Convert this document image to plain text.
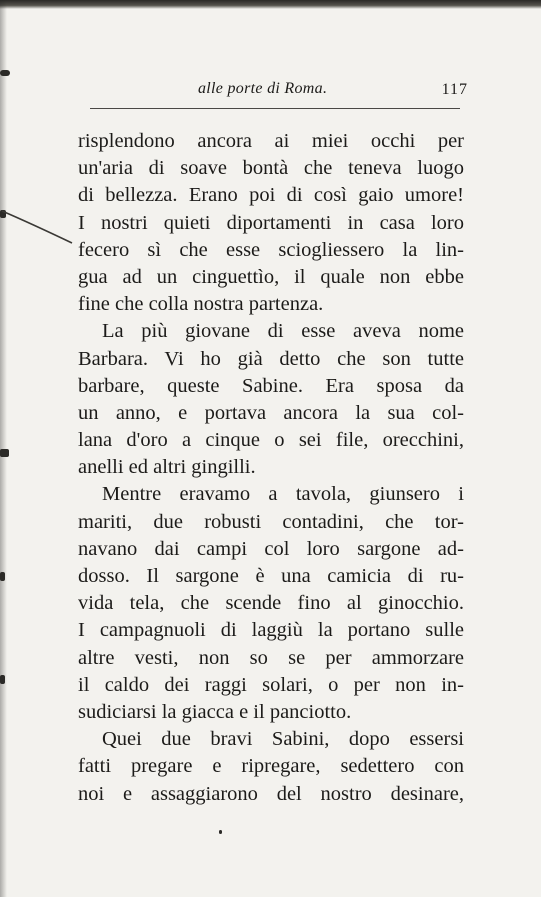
alle porte di Roma.	117
risplendono ancora ai miei occhi per
un'aria di soave bontà che teneva luogo
di bellezza. Erano poi di così gaio umore!
I nostri quieti diportamenti in casa loro
fecero sì che esse sciogliessero la lin-
gua ad un cinguettìo, il quale non ebbe
fine che colla nostra partenza.
La più giovane di esse aveva nome
Barbara. Vi ho già detto che son tutte
barbare, queste Sabine. Era sposa da
un anno, e portava ancora la sua col-
lana d'oro a cinque o sei file, orecchini,
anelli ed altri gingilli.
Mentre eravamo a tavola, giunsero i
mariti, due robusti contadini, che tor-
navano dai campi col loro sargone ad-
dosso. Il sargone è una camicia di ru-
vida tela, che scende fino al ginocchio.
I campagnuoli di laggiù la portano sulle
altre vesti, non so se per ammorzare
il caldo dei raggi solari, o per non in-
sudiciarsi la giacca e il panciotto.
Quei due bravi Sabini, dopo essersi
fatti pregare e ripregare, sedettero con
noi e assaggiarono del nostro desinare,
